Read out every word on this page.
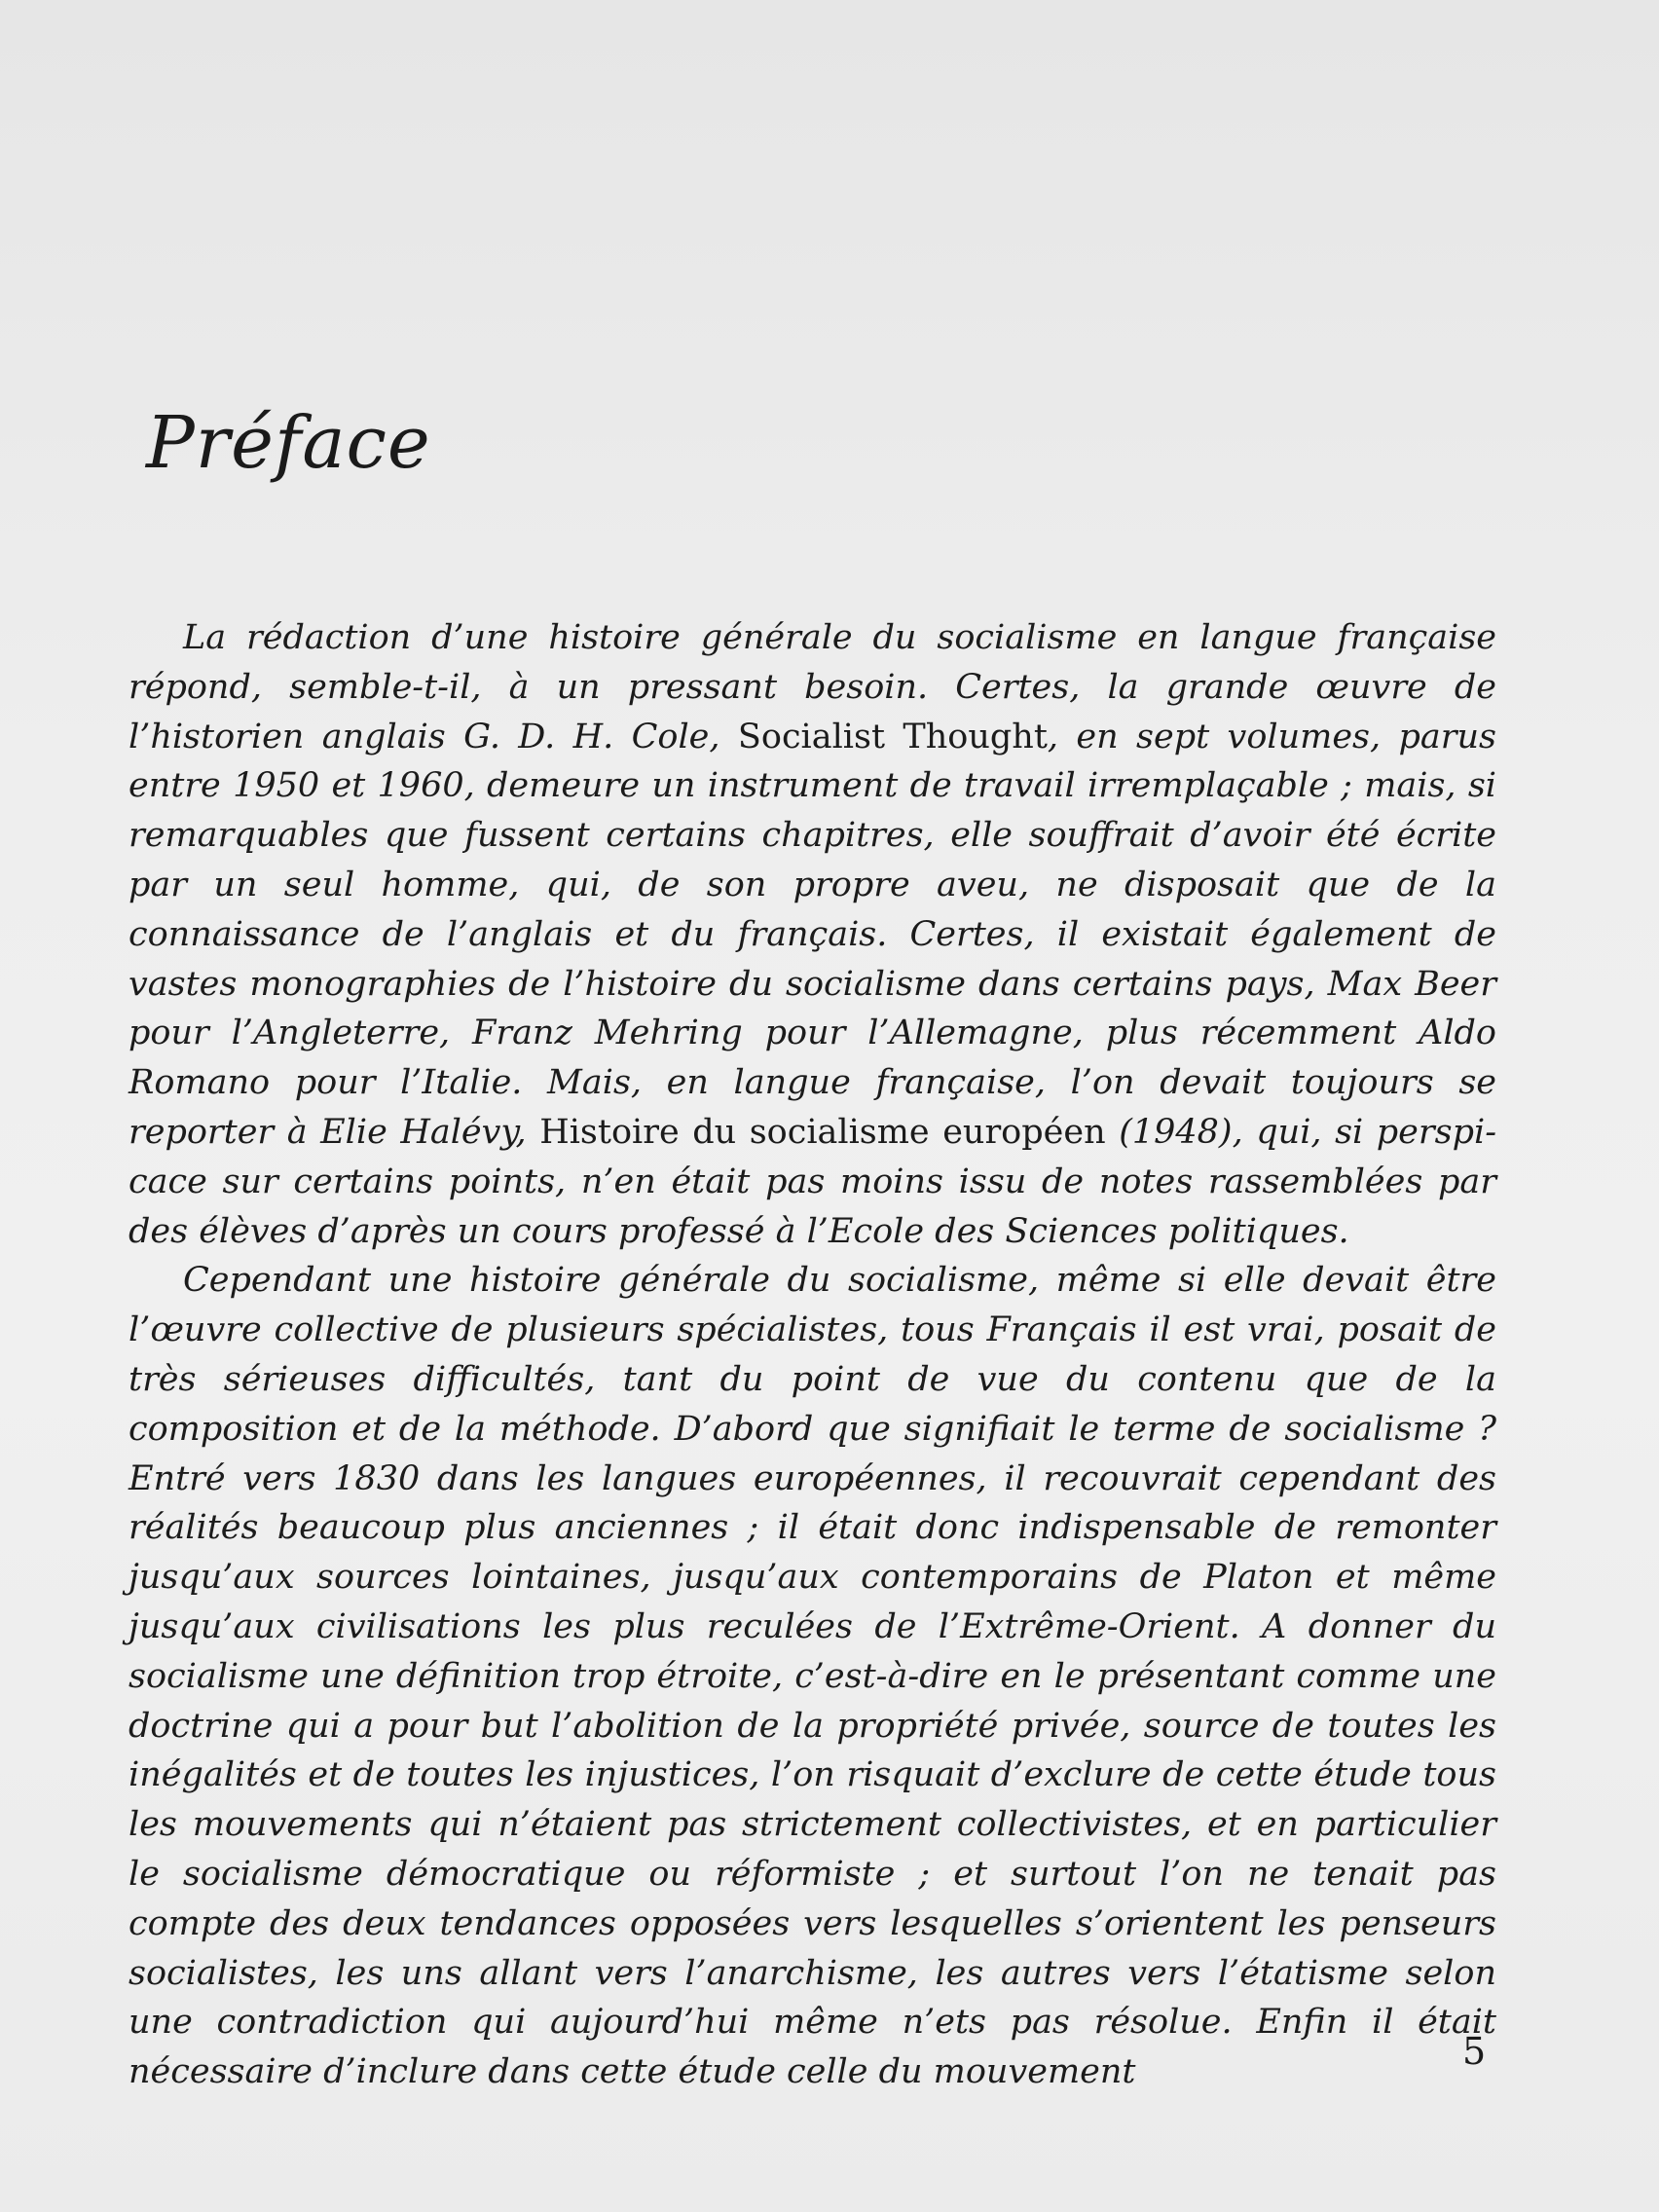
Préface

La rédaction d’une histoire générale du socialisme en langue française répond, semble-t-il, à un pressant besoin. Certes, la grande œuvre de l’historien anglais G. D. H. Cole, Socialist Thought, en sept volumes, parus entre 1950 et 1960, demeure un instrument de travail irremplaçable ; mais, si remarquables que fussent certains chapitres, elle souffrait d’avoir été écrite par un seul homme, qui, de son propre aveu, ne disposait que de la connaissance de l’anglais et du français. Certes, il existait également de vastes monographies de l’histoire du socialisme dans certains pays, Max Beer pour l’Angleterre, Franz Mehring pour l’Allemagne, plus récemment Aldo Romano pour l’Italie. Mais, en langue française, l’on devait toujours se reporter à Elie Halévy, Histoire du socialisme européen (1948), qui, si perspicace sur certains points, n’en était pas moins issu de notes rassemblées par des élèves d’après un cours professé à l’Ecole des Sciences politiques.

Cependant une histoire générale du socialisme, même si elle devait être l’œuvre collective de plusieurs spécialistes, tous Français il est vrai, posait de très sérieuses difficultés, tant du point de vue du contenu que de la composition et de la méthode. D’abord que signifiait le terme de socialisme ? Entré vers 1830 dans les langues européennes, il recouvrait cependant des réalités beaucoup plus anciennes ; il était donc indispensable de remonter jusqu’aux sources lointaines, jusqu’aux contemporains de Platon et même jusqu’aux civilisations les plus reculées de l’Extrême-Orient. A donner du socialisme une définition trop étroite, c’est-à-dire en le présentant comme une doctrine qui a pour but l’abolition de la propriété privée, source de toutes les inégalités et de toutes les injustices, l’on risquait d’exclure de cette étude tous les mouvements qui n’étaient pas strictement collectivistes, et en particulier le socialisme démocratique ou réformiste ; et surtout l’on ne tenait pas compte des deux tendances opposées vers lesquelles s’orientent les penseurs socialistes, les uns allant vers l’anarchisme, les autres vers l’étatisme selon une contradiction qui aujourd’hui même n’ets pas résolue. Enfin il était nécessaire d’inclure dans cette étude celle du mouvement	5
